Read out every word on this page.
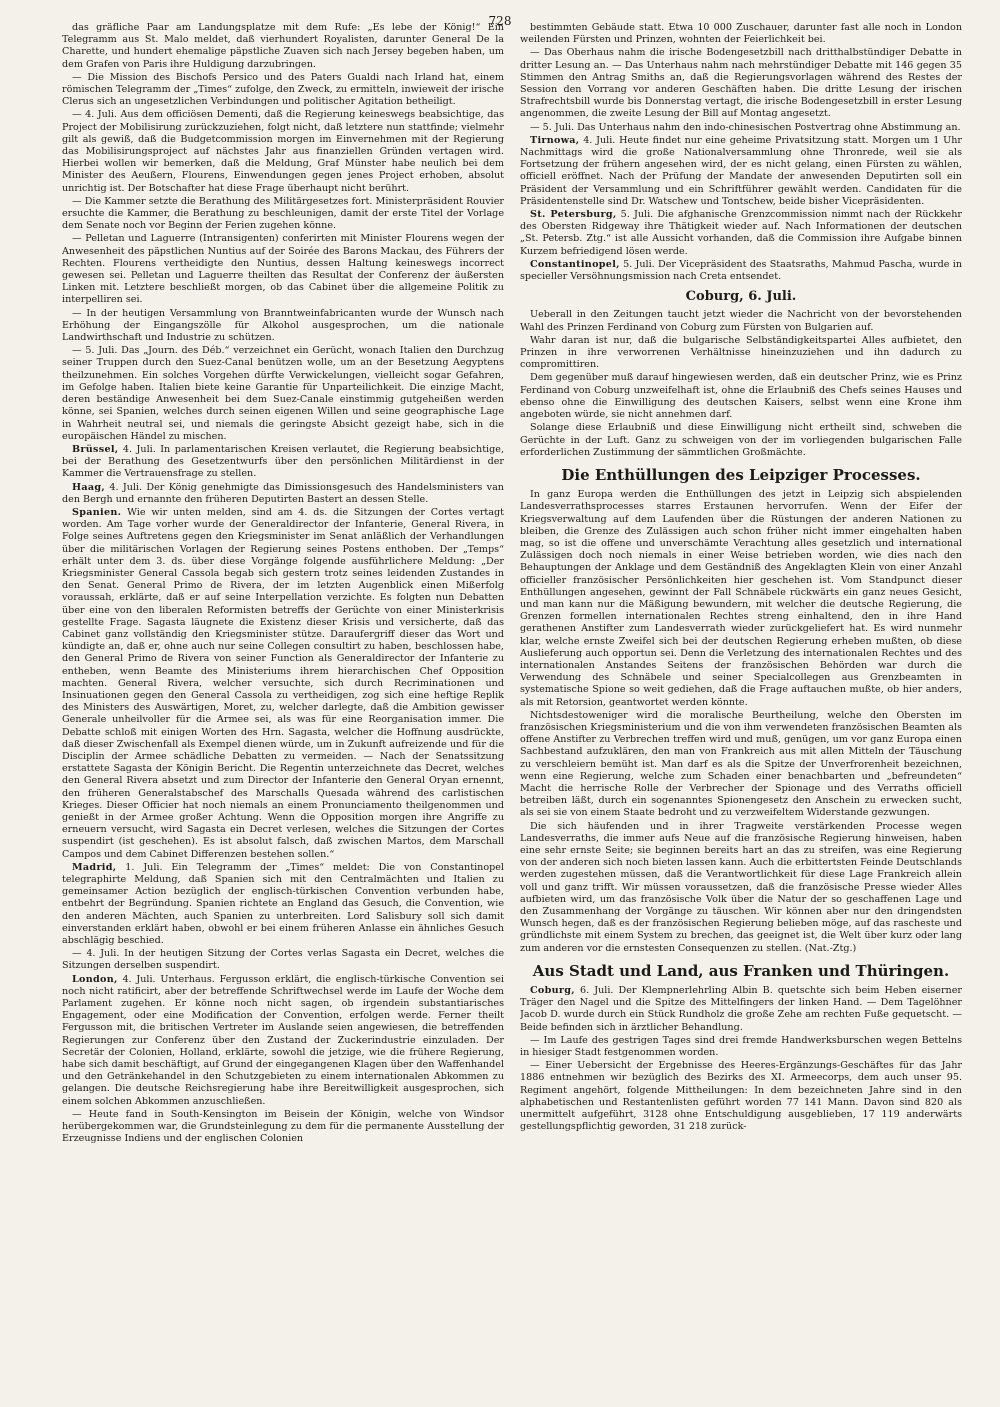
728

das gräfliche Paar am Landungsplatze mit dem Rufe: „Es lebe der König!“ Ein Telegramm aus St. Malo meldet, daß vierhundert Royalisten, darunter General De la Charette, und hundert ehemalige päpstliche Zuaven sich nach Jersey begeben haben, um dem Grafen von Paris ihre Huldigung darzubringen.

— Die Mission des Bischofs Persico und des Paters Gualdi nach Irland hat, einem römischen Telegramm der „Times“ zufolge, den Zweck, zu ermitteln, inwieweit der irische Clerus sich an ungesetzlichen Verbindungen und politischer Agitation betheiligt.

— 4. Juli. Aus dem officiösen Dementi, daß die Regierung keineswegs beabsichtige, das Project der Mobilisirung zurückzuziehen, folgt nicht, daß letztere nun stattfinde; vielmehr gilt als gewiß, daß die Budgetcommission morgen im Einvernehmen mit der Regierung das Mobilisirungsproject auf nächstes Jahr aus finanziellen Gründen vertagen wird. Hierbei wollen wir bemerken, daß die Meldung, Graf Münster habe neulich bei dem Minister des Aeußern, Flourens, Einwendungen gegen jenes Project erhoben, absolut unrichtig ist. Der Botschafter hat diese Frage überhaupt nicht berührt.

— Die Kammer setzte die Berathung des Militärgesetzes fort. Ministerpräsident Rouvier ersuchte die Kammer, die Berathung zu beschleunigen, damit der erste Titel der Vorlage dem Senate noch vor Beginn der Ferien zugehen könne.

— Pelletan und Laguerre (Intransigenten) conferirten mit Minister Flourens wegen der Anwesenheit des päpstlichen Nuntius auf der Soirée des Barons Mackau, des Führers der Rechten. Flourens vertheidigte den Nuntius, dessen Haltung keineswegs incorrect gewesen sei. Pelletan und Laguerre theilten das Resultat der Conferenz der äußersten Linken mit. Letztere beschließt morgen, ob das Cabinet über die allgemeine Politik zu interpelliren sei.

— In der heutigen Versammlung von Branntweinfabricanten wurde der Wunsch nach Erhöhung der Eingangszölle für Alkohol ausgesprochen, um die nationale Landwirthschaft und Industrie zu schützen.

— 5. Juli. Das „Journ. des Déb.“ verzeichnet ein Gerücht, wonach Italien den Durchzug seiner Truppen durch den Suez-Canal benützen wolle, um an der Besetzung Aegyptens theilzunehmen. Ein solches Vorgehen dürfte Verwickelungen, vielleicht sogar Gefahren, im Gefolge haben. Italien biete keine Garantie für Unparteilichkeit. Die einzige Macht, deren beständige Anwesenheit bei dem Suez-Canale einstimmig gutgeheißen werden könne, sei Spanien, welches durch seinen eigenen Willen und seine geographische Lage in Wahrheit neutral sei, und niemals die geringste Absicht gezeigt habe, sich in die europäischen Händel zu mischen.

Brüssel, 4. Juli. In parlamentarischen Kreisen verlautet, die Regierung beabsichtige, bei der Berathung des Gesetzentwurfs über den persönlichen Militärdienst in der Kammer die Vertrauensfrage zu stellen.

Haag, 4. Juli. Der König genehmigte das Dimissionsgesuch des Handelsministers van den Bergh und ernannte den früheren Deputirten Bastert an dessen Stelle.

Spanien. Wie wir unten melden, sind am 4. ds. die Sitzungen der Cortes vertagt worden. Am Tage vorher wurde der Generaldirector der Infanterie, General Rivera, in Folge seines Auftretens gegen den Kriegsminister im Senat anläßlich der Verhandlungen über die militärischen Vorlagen der Regierung seines Postens enthoben. Der „Temps“ erhält unter dem 3. ds. über diese Vorgänge folgende ausführlichere Meldung: „Der Kriegsminister General Cassola begab sich gestern trotz seines leidenden Zustandes in den Senat. General Primo de Rivera, der im letzten Augenblick einen Mißerfolg voraussah, erklärte, daß er auf seine Interpellation verzichte. Es folgten nun Debatten über eine von den liberalen Reformisten betreffs der Gerüchte von einer Ministerkrisis gestellte Frage. Sagasta läugnete die Existenz dieser Krisis und versicherte, daß das Cabinet ganz vollständig den Kriegsminister stütze. Daraufergriff dieser das Wort und kündigte an, daß er, ohne auch nur seine Collegen consultirt zu haben, beschlossen habe, den General Primo de Rivera von seiner Function als Generaldirector der Infanterie zu entheben, wenn Beamte des Ministeriums ihrem hierarchischen Chef Opposition machten. General Rivera, welcher versuchte, sich durch Recriminationen und Insinuationen gegen den General Cassola zu vertheidigen, zog sich eine heftige Replik des Ministers des Auswärtigen, Moret, zu, welcher darlegte, daß die Ambition gewisser Generale unheilvoller für die Armee sei, als was für eine Reorganisation immer. Die Debatte schloß mit einigen Worten des Hrn. Sagasta, welcher die Hoffnung ausdrückte, daß dieser Zwischenfall als Exempel dienen würde, um in Zukunft aufreizende und für die Disciplin der Armee schädliche Debatten zu vermeiden. — Nach der Senatssitzung erstattete Sagasta der Königin Bericht. Die Regentin unterzeichnete das Decret, welches den General Rivera absetzt und zum Director der Infanterie den General Oryan ernennt, den früheren Generalstabschef des Marschalls Quesada während des carlistischen Krieges. Dieser Officier hat noch niemals an einem Pronunciamento theilgenommen und genießt in der Armee großer Achtung. Wenn die Opposition morgen ihre Angriffe zu erneuern versucht, wird Sagasta ein Decret verlesen, welches die Sitzungen der Cortes suspendirt (ist geschehen). Es ist absolut falsch, daß zwischen Martos, dem Marschall Campos und dem Cabinet Differenzen bestehen sollen.“

Madrid, 1. Juli. Ein Telegramm der „Times“ meldet: Die von Constantinopel telegraphirte Meldung, daß Spanien sich mit den Centralmächten und Italien zu gemeinsamer Action bezüglich der englisch-türkischen Convention verbunden habe, entbehrt der Begründung. Spanien richtete an England das Gesuch, die Convention, wie den anderen Mächten, auch Spanien zu unterbreiten. Lord Salisbury soll sich damit einverstanden erklärt haben, obwohl er bei einem früheren Anlasse ein ähnliches Gesuch abschlägig beschied.

— 4. Juli. In der heutigen Sitzung der Cortes verlas Sagasta ein Decret, welches die Sitzungen derselben suspendirt.

London, 4. Juli. Unterhaus. Fergusson erklärt, die englisch-türkische Convention sei noch nicht ratificirt, aber der betreffende Schriftwechsel werde im Laufe der Woche dem Parlament zugehen. Er könne noch nicht sagen, ob irgendein substantiarisches Engagement, oder eine Modification der Convention, erfolgen werde. Ferner theilt Fergusson mit, die britischen Vertreter im Auslande seien angewiesen, die betreffenden Regierungen zur Conferenz über den Zustand der Zuckerindustrie einzuladen. Der Secretär der Colonien, Holland, erklärte, sowohl die jetzige, wie die frühere Regierung, habe sich damit beschäftigt, auf Grund der eingegangenen Klagen über den Waffenhandel und den Getränkehandel in den Schutzgebieten zu einem internationalen Abkommen zu gelangen. Die deutsche Reichsregierung habe ihre Bereitwilligkeit ausgesprochen, sich einem solchen Abkommen anzuschließen.

— Heute fand in South-Kensington im Beisein der Königin, welche von Windsor herübergekommen war, die Grundsteinlegung zu dem für die permanente Ausstellung der Erzeugnisse Indiens und der englischen Colonien

bestimmten Gebäude statt. Etwa 10 000 Zuschauer, darunter fast alle noch in London weilenden Fürsten und Prinzen, wohnten der Feierlichkeit bei.

— Das Oberhaus nahm die irische Bodengesetzbill nach dritthalbstündiger Debatte in dritter Lesung an. — Das Unterhaus nahm nach mehrstündiger Debatte mit 146 gegen 35 Stimmen den Antrag Smiths an, daß die Regierungsvorlagen während des Restes der Session den Vorrang vor anderen Geschäften haben. Die dritte Lesung der irischen Strafrechtsbill wurde bis Donnerstag vertagt, die irische Bodengesetzbill in erster Lesung angenommen, die zweite Lesung der Bill auf Montag angesetzt.

— 5. Juli. Das Unterhaus nahm den indo-chinesischen Postvertrag ohne Abstimmung an.

Tirnowa, 4. Juli. Heute findet nur eine geheime Privatsitzung statt. Morgen um 1 Uhr Nachmittags wird die große Nationalversammlung ohne Thronrede, weil sie als Fortsetzung der frühern angesehen wird, der es nicht gelang, einen Fürsten zu wählen, officiell eröffnet. Nach der Prüfung der Mandate der anwesenden Deputirten soll ein Präsident der Versammlung und ein Schriftführer gewählt werden. Candidaten für die Präsidentenstelle sind Dr. Watschew und Tontschew, beide bisher Vicepräsidenten.

St. Petersburg, 5. Juli. Die afghanische Grenzcommission nimmt nach der Rückkehr des Obersten Ridgeway ihre Thätigkeit wieder auf. Nach Informationen der deutschen „St. Petersb. Ztg.“ ist alle Aussicht vorhanden, daß die Commission ihre Aufgabe binnen Kurzem befriedigend lösen werde.

Constantinopel, 5. Juli. Der Vicepräsident des Staatsraths, Mahmud Pascha, wurde in specieller Versöhnungsmission nach Creta entsendet.

Coburg, 6. Juli.

Ueberall in den Zeitungen taucht jetzt wieder die Nachricht von der bevorstehenden Wahl des Prinzen Ferdinand von Coburg zum Fürsten von Bulgarien auf.

Wahr daran ist nur, daß die bulgarische Selbständigkeitspartei Alles aufbietet, den Prinzen in ihre verworrenen Verhältnisse hineinzuziehen und ihn dadurch zu compromittiren.

Dem gegenüber muß darauf hingewiesen werden, daß ein deutscher Prinz, wie es Prinz Ferdinand von Coburg unzweifelhaft ist, ohne die Erlaubniß des Chefs seines Hauses und ebenso ohne die Einwilligung des deutschen Kaisers, selbst wenn eine Krone ihm angeboten würde, sie nicht annehmen darf.

Solange diese Erlaubniß und diese Einwilligung nicht ertheilt sind, schweben die Gerüchte in der Luft. Ganz zu schweigen von der im vorliegenden bulgarischen Falle erforderlichen Zustimmung der sämmtlichen Großmächte.

Die Enthüllungen des Leipziger Processes.

In ganz Europa werden die Enthüllungen des jetzt in Leipzig sich abspielenden Landesverrathsprocesses starres Erstaunen hervorrufen. Wenn der Eifer der Kriegsverwaltung auf dem Laufenden über die Rüstungen der anderen Nationen zu bleiben, die Grenze des Zulässigen auch schon früher nicht immer eingehalten haben mag, so ist die offene und unverschämte Verachtung alles gesetzlich und international Zulässigen doch noch niemals in einer Weise betrieben worden, wie dies nach den Behauptungen der Anklage und dem Geständniß des Angeklagten Klein von einer Anzahl officieller französischer Persönlichkeiten hier geschehen ist. Vom Standpunct dieser Enthüllungen angesehen, gewinnt der Fall Schnäbele rückwärts ein ganz neues Gesicht, und man kann nur die Mäßigung bewundern, mit welcher die deutsche Regierung, die Grenzen formellen internationalen Rechtes streng einhaltend, den in ihre Hand gerathenen Anstifter zum Landesverrath wieder zurückgeliefert hat. Es wird nunmehr klar, welche ernste Zweifel sich bei der deutschen Regierung erheben mußten, ob diese Auslieferung auch opportun sei. Denn die Verletzung des internationalen Rechtes und des internationalen Anstandes Seitens der französischen Behörden war durch die Verwendung des Schnäbele und seiner Specialcollegen aus Grenzbeamten in systematische Spione so weit gediehen, daß die Frage auftauchen mußte, ob hier anders, als mit Retorsion, geantwortet werden könnte.

Nichtsdestoweniger wird die moralische Beurtheilung, welche den Obersten im französischen Kriegsministerium und die von ihm verwendeten französischen Beamten als offene Anstifter zu Verbrechen treffen wird und muß, genügen, um vor ganz Europa einen Sachbestand aufzuklären, den man von Frankreich aus mit allen Mitteln der Täuschung zu verschleiern bemüht ist. Man darf es als die Spitze der Unverfrorenheit bezeichnen, wenn eine Regierung, welche zum Schaden einer benachbarten und „befreundeten“ Macht die herrische Rolle der Verbrecher der Spionage und des Verraths officiell betreiben läßt, durch ein sogenanntes Spionengesetz den Anschein zu erwecken sucht, als sei sie von einem Staate bedroht und zu verzweifeltem Widerstande gezwungen.

Die sich häufenden und in ihrer Tragweite verstärkenden Processe wegen Landesverraths, die immer aufs Neue auf die französische Regierung hinweisen, haben eine sehr ernste Seite; sie beginnen bereits hart an das zu streifen, was eine Regierung von der anderen sich noch bieten lassen kann. Auch die erbittertsten Feinde Deutschlands werden zugestehen müssen, daß die Verantwortlichkeit für diese Lage Frankreich allein voll und ganz trifft. Wir müssen voraussetzen, daß die französische Presse wieder Alles aufbieten wird, um das französische Volk über die Natur der so geschaffenen Lage und den Zusammenhang der Vorgänge zu täuschen. Wir können aber nur den dringendsten Wunsch hegen, daß es der französischen Regierung belieben möge, auf das rascheste und gründlichste mit einem System zu brechen, das geeignet ist, die Welt über kurz oder lang zum anderen vor die ernstesten Consequenzen zu stellen. (Nat.-Ztg.)

Aus Stadt und Land, aus Franken und Thüringen.

Coburg, 6. Juli. Der Klempnerlehrling Albin B. quetschte sich beim Heben eiserner Träger den Nagel und die Spitze des Mittelfingers der linken Hand. — Dem Tagelöhner Jacob D. wurde durch ein Stück Rundholz die große Zehe am rechten Fuße gequetscht. — Beide befinden sich in ärztlicher Behandlung.

— Im Laufe des gestrigen Tages sind drei fremde Handwerksburschen wegen Bettelns in hiesiger Stadt festgenommen worden.

— Einer Uebersicht der Ergebnisse des Heeres-Ergänzungs-Geschäftes für das Jahr 1886 entnehmen wir bezüglich des Bezirks des XI. Armeecorps, dem auch unser 95. Regiment angehört, folgende Mittheilungen: In dem bezeichneten Jahre sind in den alphabetischen und Restantenlisten geführt worden 77 141 Mann. Davon sind 820 als unermittelt aufgeführt, 3128 ohne Entschuldigung ausgeblieben, 17 119 anderwärts gestellungspflichtig geworden, 31 218 zurück-
